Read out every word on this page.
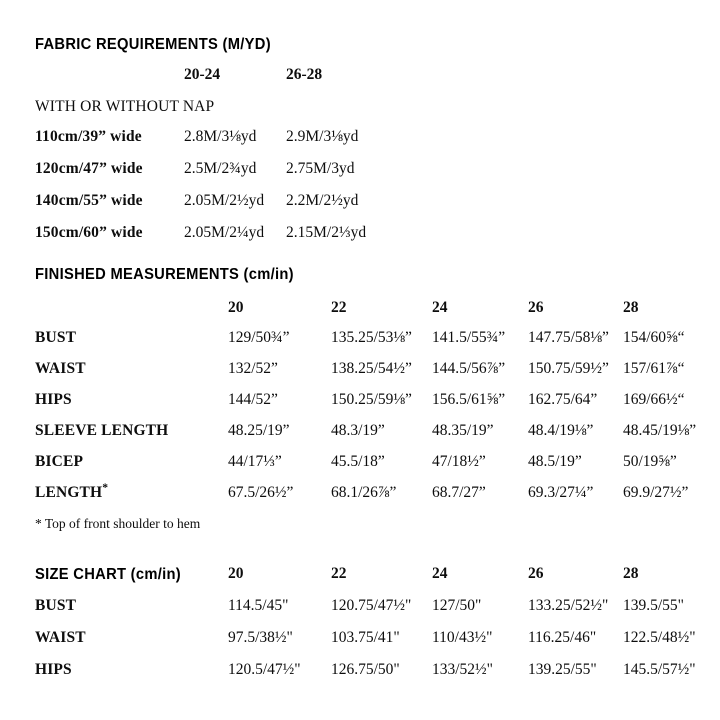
FABRIC REQUIREMENTS (M/YD)
20-24	26-28
WITH OR WITHOUT NAP
110cm/39” wide	2.8M/3⅛yd 2.9M/3⅛yd
120cm/47” wide	2.5M/2¾yd 2.75M/3yd
140cm/55” wide	2.05M/2½yd 2.2M/2½yd
150cm/60” wide	2.05M/2¼yd 2.15M/2⅓yd
FINISHED MEASUREMENTS (cm/in)
20	22	24	26	28
BUST	129/50¾”	135.25/53⅛” 141.5/55¾” 147.75/58⅛” 154/60⅝“
WAIST	132/52”	138.25/54½” 144.5/56⅞” 150.75/59½” 157/61⅞“
HIPS	144/52”	150.25/59⅛” 156.5/61⅝” 162.75/64” 169/66½“
SLEEVE LENGTH	48.25/19”	48.3/19”	48.35/19” 48.4/19⅛” 48.45/19⅛”
BICEP	44/17⅓”	45.5/18”	47/18½”	48.5/19”	50/19⅝”
LENGTH*	67.5/26½” 68.1/26⅞” 68.7/27”	69.3/27¼” 69.9/27½”
* Top of front shoulder to hem
SIZE CHART (cm/in)	20	22	24	26	28
BUST	114.5/45"	120.75/47½" 127/50"	133.25/52½" 139.5/55"
WAIST	97.5/38½" 103.75/41" 110/43½" 116.25/46" 122.5/48½"
HIPS	120.5/47½" 126.75/50" 133/52½" 139.25/55" 145.5/57½"
